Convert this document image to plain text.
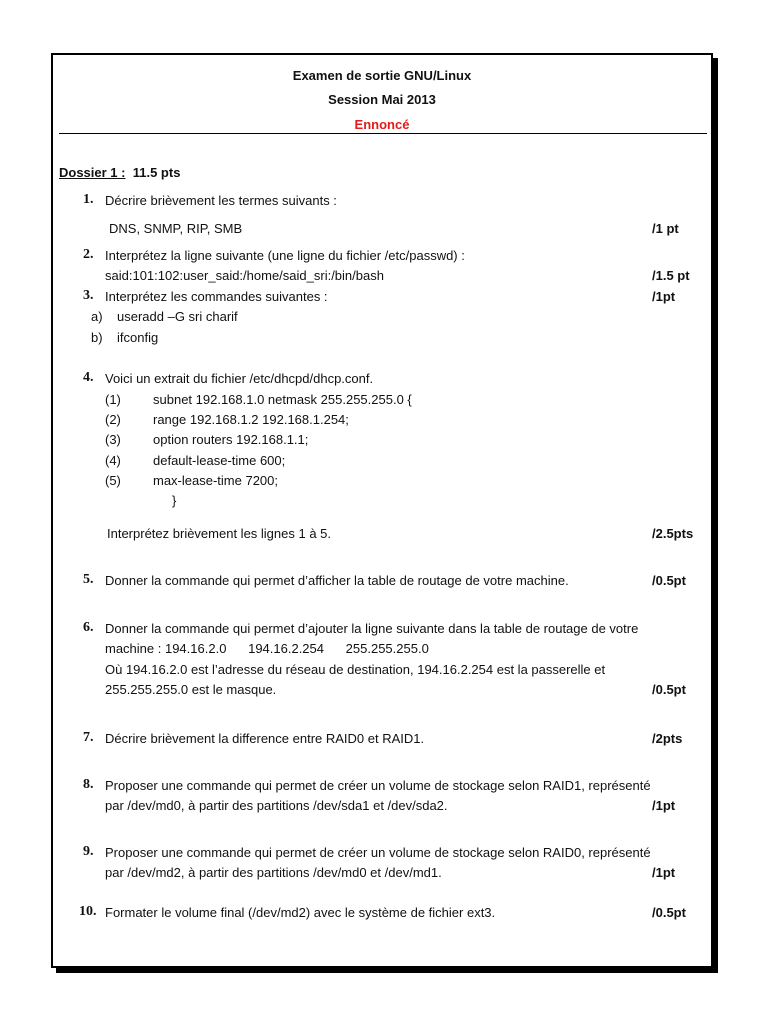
Examen de sortie GNU/Linux
Session Mai 2013
Ennoncé
Dossier 1 : 11.5 pts
1. Décrire brièvement les termes suivants :
DNS, SNMP, RIP, SMB	/1 pt
2. Interprétez la ligne suivante (une ligne du fichier /etc/passwd) :
said:101:102:user_said:/home/said_sri:/bin/bash	/1.5 pt
3. Interprétez les commandes suivantes :	/1pt
a) useradd –G sri charif
b) ifconfig
4. Voici un extrait du fichier /etc/dhcpd/dhcp.conf.
(1) subnet 192.168.1.0 netmask 255.255.255.0 {
(2) range 192.168.1.2 192.168.1.254;
(3) option routers 192.168.1.1;
(4) default-lease-time 600;
(5) max-lease-time 7200;
}
Interprétez brièvement les lignes 1 à 5.	/2.5pts
5. Donner la commande qui permet d’afficher la table de routage de votre machine.	/0.5pt
6. Donner la commande qui permet d’ajouter la ligne suivante dans la table de routage de votre
machine : 194.16.2.0      194.16.2.254      255.255.255.0
Où 194.16.2.0 est l’adresse du réseau de destination, 194.16.2.254 est la passerelle et
255.255.255.0 est le masque.	/0.5pt
7. Décrire brièvement la difference entre RAID0 et RAID1.	/2pts
8. Proposer une commande qui permet de créer un volume de stockage selon RAID1, représenté
par /dev/md0, à partir des partitions /dev/sda1 et /dev/sda2.	/1pt
9. Proposer une commande qui permet de créer un volume de stockage selon RAID0, représenté
par /dev/md2, à partir des partitions /dev/md0 et /dev/md1.	/1pt
10. Formater le volume final (/dev/md2) avec le système de fichier ext3.	/0.5pt
